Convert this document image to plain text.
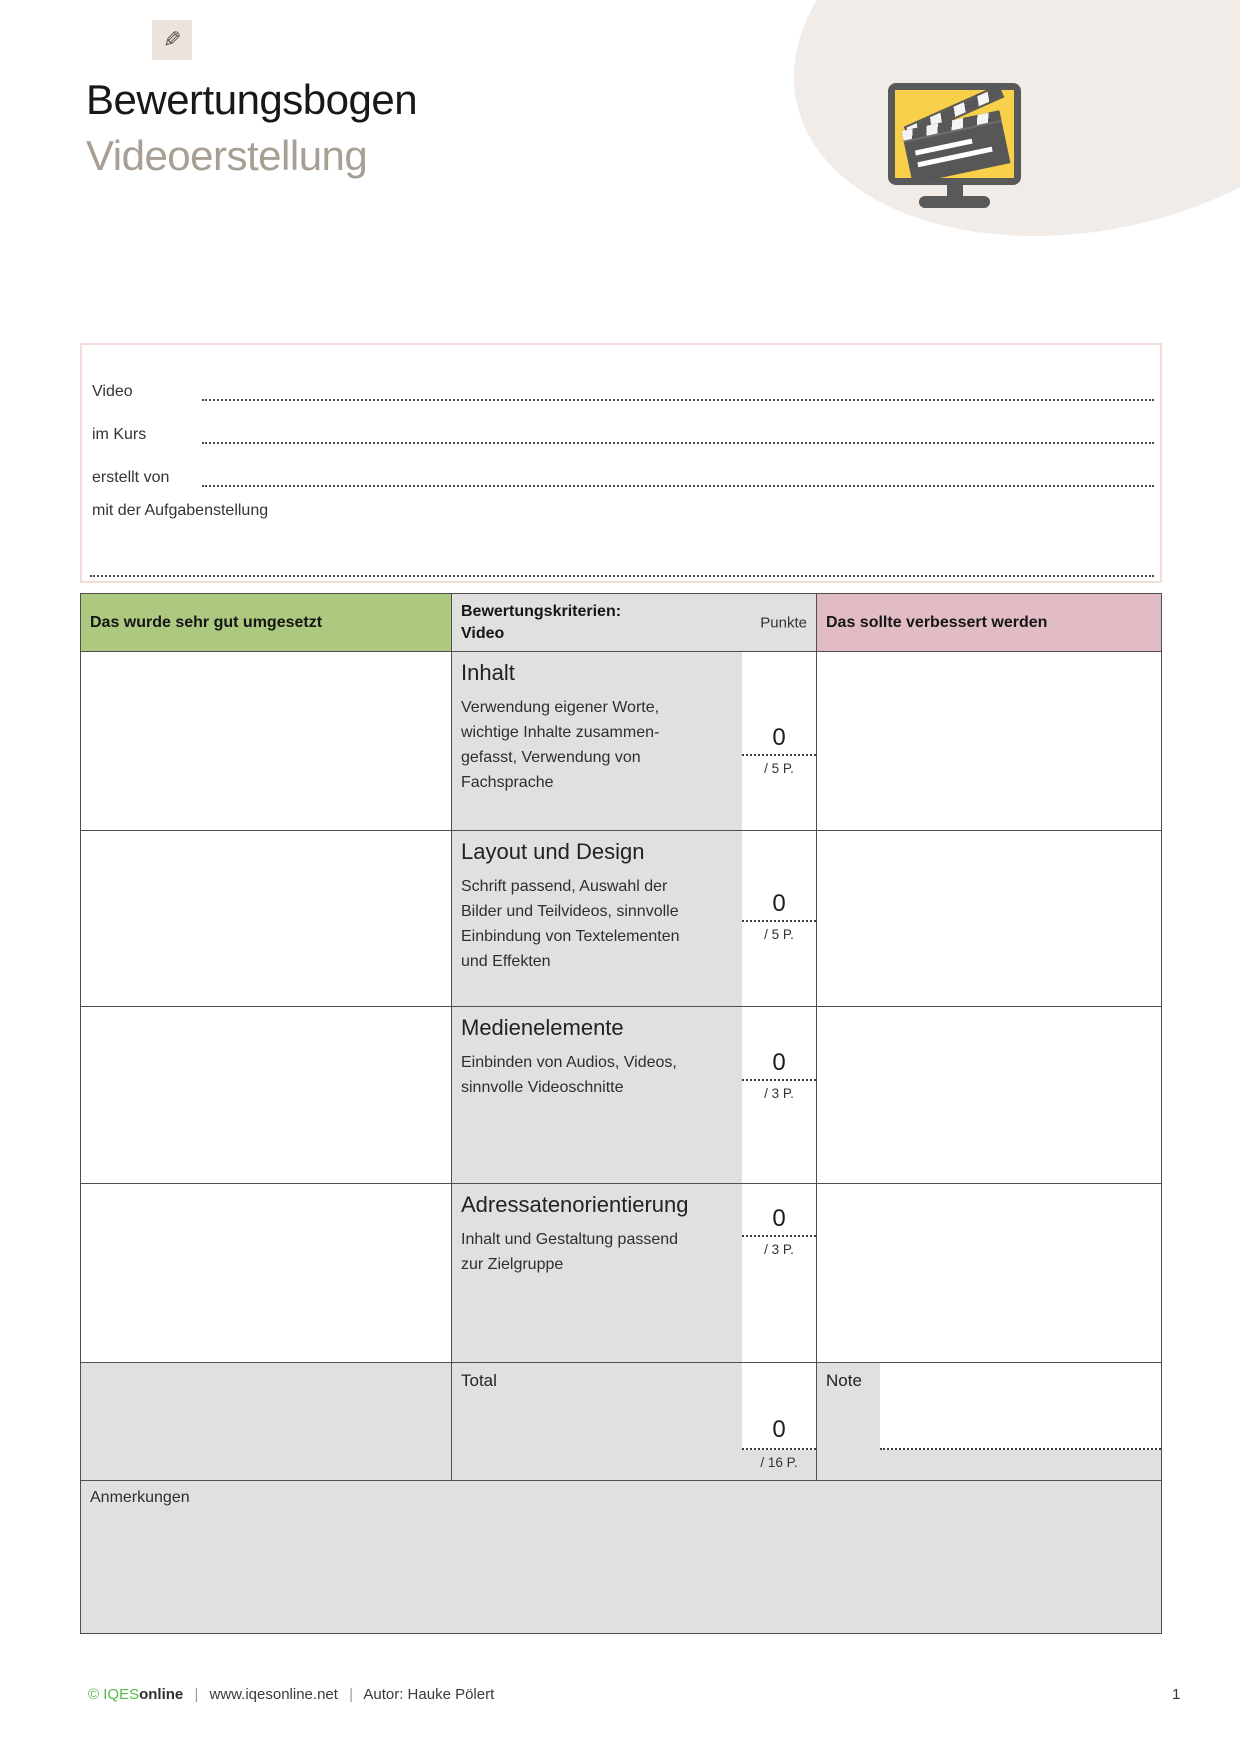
✎
Bewertungsbogen
Videoerstellung
Video
im Kurs
erstellt von
mit der Aufgabenstellung
Das wurde sehr gut umgesetzt
Bewertungskriterien:
Video
Punkte	Das sollte verbessert werden
Inhalt
Verwendung eigener Worte, wichtige Inhalte zusammen-gefasst, Verwendung von Fachsprache
0
/ 5 P.
Layout und Design
Schrift passend, Auswahl der Bilder und Teilvideos, sinnvolle Einbindung von Textelementen und Effekten
0
/ 5 P.
Medienelemente
Einbinden von Audios, Videos, sinnvolle Videoschnitte
0
/ 3 P.
Adressatenorientierung
Inhalt und Gestaltung passend zur Zielgruppe
0
/ 3 P.
Total
0
/ 16 P.
Note
Anmerkungen
© IQESonline | www.iqesonline.net | Autor: Hauke Pölert	1
